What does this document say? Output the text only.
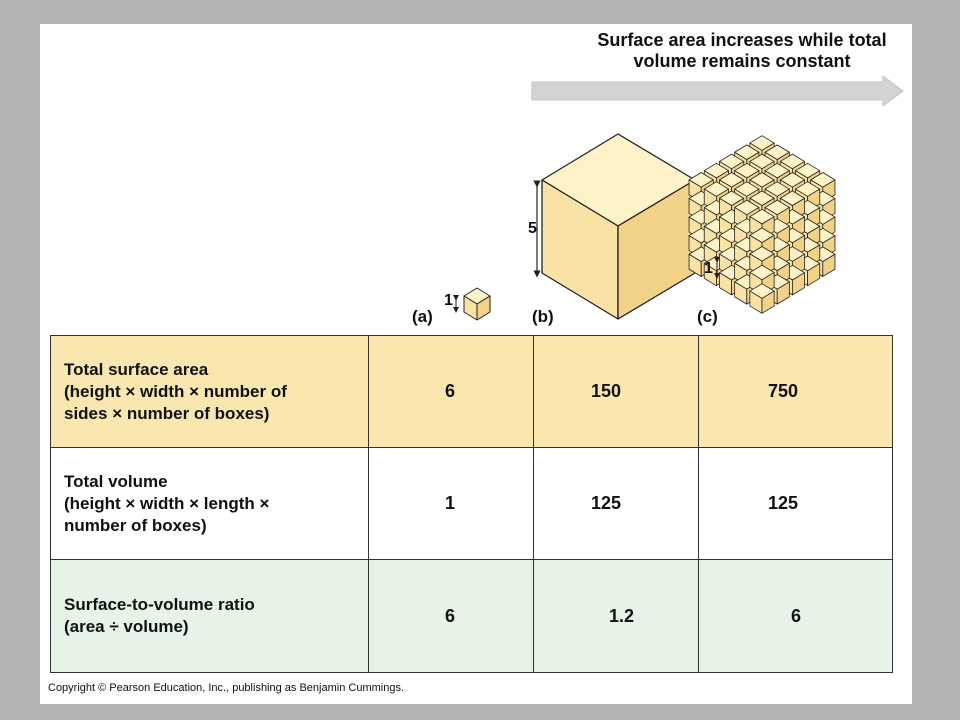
Surface area increases while total
volume remains constant
5
1
1
(a)	(b)	(c)
Total surface area
(height × width × number of
sides × number of boxes)	6	150	750

Total volume
(height × width × length ×
number of boxes)	1	125	125

Surface-to-volume ratio
(area ÷ volume)	6	1.2	6
Copyright © Pearson Education, Inc., publishing as Benjamin Cummings.
